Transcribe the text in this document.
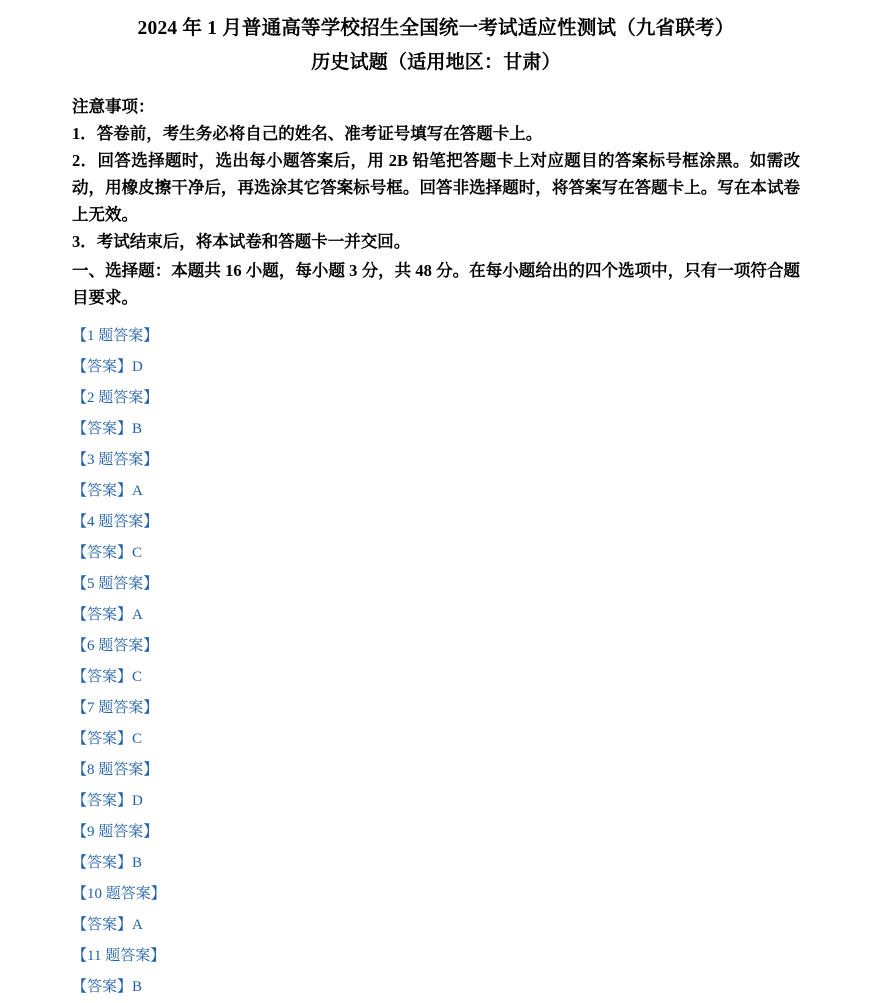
2024 年 1 月普通高等学校招生全国统一考试适应性测试（九省联考）
历史试题（适用地区：甘肃）
注意事项：
1．答卷前，考生务必将自己的姓名、准考证号填写在答题卡上。
2．回答选择题时，选出每小题答案后，用 2B 铅笔把答题卡上对应题目的答案标号框涂黑。如需改动，用橡皮擦干净后，再选涂其它答案标号框。回答非选择题时，将答案写在答题卡上。写在本试卷上无效。
3．考试结束后，将本试卷和答题卡一并交回。
一、选择题：本题共 16 小题，每小题 3 分，共 48 分。在每小题给出的四个选项中，只有一项符合题目要求。
【1 题答案】
【答案】D
【2 题答案】
【答案】B
【3 题答案】
【答案】A
【4 题答案】
【答案】C
【5 题答案】
【答案】A
【6 题答案】
【答案】C
【7 题答案】
【答案】C
【8 题答案】
【答案】D
【9 题答案】
【答案】B
【10 题答案】
【答案】A
【11 题答案】
【答案】B
